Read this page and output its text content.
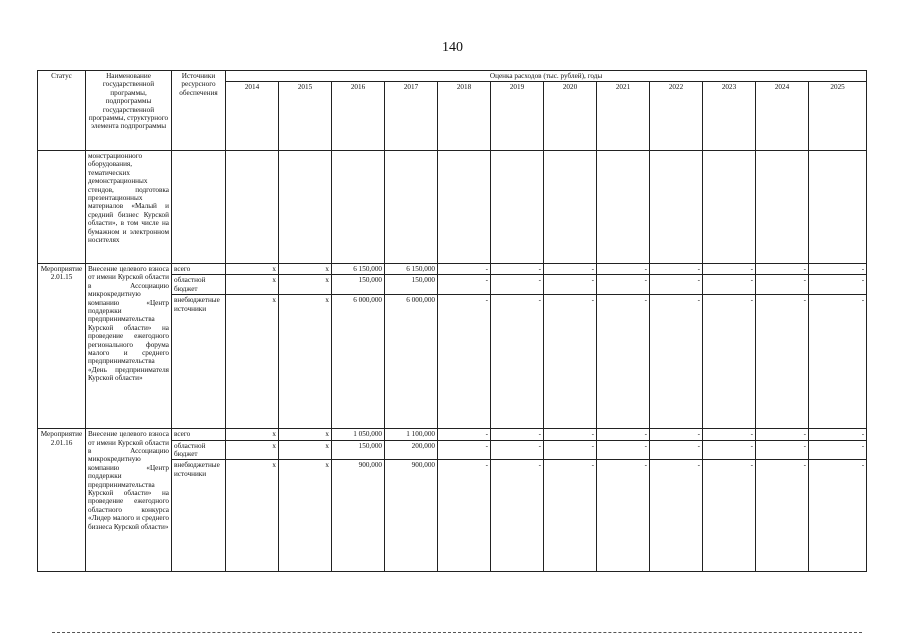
140
Статус	Наименование государственной программы, подпрограммы государственной программы, структурного элемента подпрограммы	Источники ресурсного обеспечения	Оценка расходов (тыс. рублей), годы											
			2014	2015	2016	2017	2018	2019	2020	2021	2022	2023	2024	2025
	монстрационного оборудования, тематических демонстрационных стендов, подготовка презентационных материалов «Малый и средний бизнес Курской области», в том числе на бумажном и электронном носителях													
Мероприятие 2.01.15	Внесение целевого взноса от имени Курской области в Ассоциацию микрокредитную компанию «Центр поддержки предпринимательства Курской области» на проведение ежегодного регионального форума малого и среднего предпринимательства «День предпринимателя Курской области»	всего	x	x	6 150,000	6 150,000	-	-	-	-	-	-	-	-
		областной бюджет	x	x	150,000	150,000	-	-	-	-	-	-	-	-
		внебюджетные источники	x	x	6 000,000	6 000,000	-	-	-	-	-	-	-	-
Мероприятие 2.01.16	Внесение целевого взноса от имени Курской области в Ассоциацию микрокредитную компанию «Центр поддержки предпринимательства Курской области» на проведение ежегодного областного конкурса «Лидер малого и среднего бизнеса Курской области»	всего	x	x	1 050,000	1 100,000	-	-	-	-	-	-	-	-
		областной бюджет	x	x	150,000	200,000	-	-	-	-	-	-	-	-
		внебюджетные источники	x	x	900,000	900,000	-	-	-	-	-	-	-	-
